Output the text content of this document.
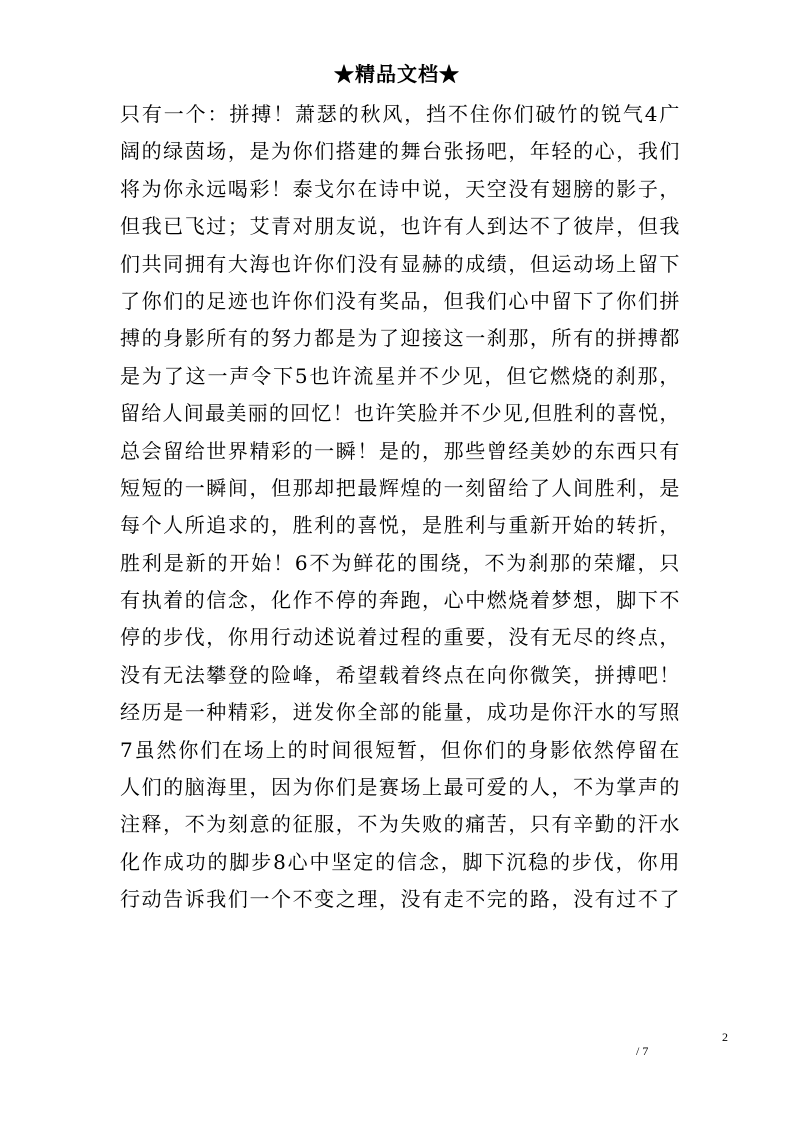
★精品文档★
只有一个：拼搏！萧瑟的秋风，挡不住你们破竹的锐气4广
阔的绿茵场，是为你们搭建的舞台张扬吧，年轻的心，我们
将为你永远喝彩！泰戈尔在诗中说，天空没有翅膀的影子，
但我已飞过；艾青对朋友说，也许有人到达不了彼岸，但我
们共同拥有大海也许你们没有显赫的成绩，但运动场上留下
了你们的足迹也许你们没有奖品，但我们心中留下了你们拼
搏的身影所有的努力都是为了迎接这一刹那，所有的拼搏都
是为了这一声令下5也许流星并不少见，但它燃烧的刹那，
留给人间最美丽的回忆！也许笑脸并不少见,但胜利的喜悦，
总会留给世界精彩的一瞬！是的，那些曾经美妙的东西只有
短短的一瞬间，但那却把最辉煌的一刻留给了人间胜利，是
每个人所追求的，胜利的喜悦，是胜利与重新开始的转折，
胜利是新的开始！6不为鲜花的围绕，不为刹那的荣耀，只
有执着的信念，化作不停的奔跑，心中燃烧着梦想，脚下不
停的步伐，你用行动述说着过程的重要，没有无尽的终点，
没有无法攀登的险峰，希望载着终点在向你微笑，拼搏吧！
经历是一种精彩，迸发你全部的能量，成功是你汗水的写照
7虽然你们在场上的时间很短暂，但你们的身影依然停留在
人们的脑海里，因为你们是赛场上最可爱的人，不为掌声的
注释，不为刻意的征服，不为失败的痛苦，只有辛勤的汗水
化作成功的脚步8心中坚定的信念，脚下沉稳的步伐，你用
行动告诉我们一个不变之理，没有走不完的路，没有过不了
2
/ 7
